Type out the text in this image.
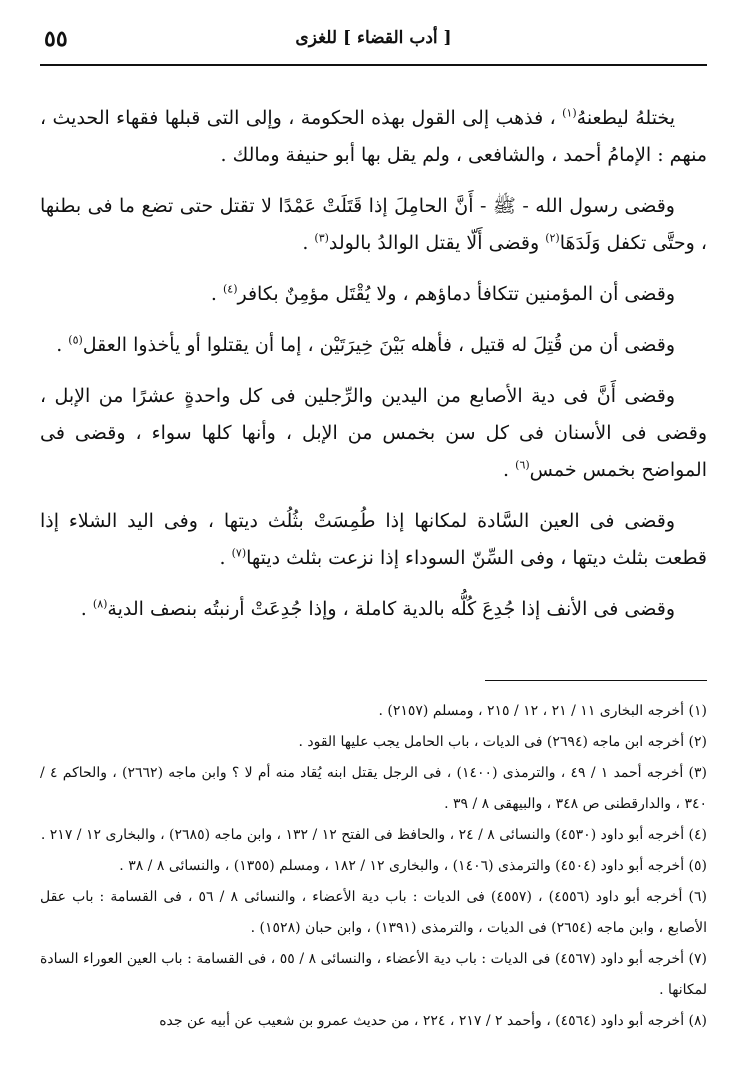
[ أدب القضاء ] للغزى
٥٥

يختلهُ ليطعنهُ$^{(١)}$ ، فذهب إلى القول بهذه الحكومة ، وإلى التى قبلها فقهاء الحديث ، منهم : الإمامُ أحمد ، والشافعى ، ولم يقل بها أبو حنيفة ومالك .

وقضى رسول الله - ﷺ - أَنَّ الحامِلَ إذا قَتَلَتْ عَمْدًا لا تقتل حتى تضع ما فى بطنها ، وحتَّى تكفل وَلَدَهَا$^{(٢)}$ وقضى أَلّا يقتل الوالدُ بالولد$^{(٣)}$ .

وقضى أن المؤمنين تتكافأ دماؤهم ، ولا يُقْتَل مؤمِنٌ بكافر$^{(٤)}$ .

وقضى أن من قُتِلَ له قتيل ، فأهله بَيْنَ خِيرَتَيْن ، إما أن يقتلوا أو يأخذوا العقل$^{(٥)}$ .

وقضى أَنَّ فى دية الأصابع من اليدين والرِّجلين فى كل واحدةٍ عشرًا من الإبل ، وقضى فى الأسنان فى كل سن بخمس من الإبل ، وأنها كلها سواء ، وقضى فى المواضح بخمس خمس$^{(٦)}$ .

وقضى فى العين السَّادة لمكانها إذا طُمِسَتْ بثُلُث ديتها ، وفى اليد الشلاء إذا قطعت بثلث ديتها ، وفى السِّنّ السوداء إذا نزعت بثلث ديتها$^{(٧)}$ .

وقضى فى الأنف إذا جُدِعَ كُلُّه بالدية كاملة ، وإذا جُدِعَتْ أرنبتُه بنصف الدية$^{(٨)}$ .

(١) أخرجه البخارى ١١ / ٢١ ، ١٢ / ٢١٥ ، ومسلم (٢١٥٧) .

(٢) أخرجه ابن ماجه (٢٦٩٤) فى الديات ، باب الحامل يجب عليها القود .

(٣) أخرجه أحمد ١ / ٤٩ ، والترمذى (١٤٠٠) ، فى الرجل يقتل ابنه يُقاد منه أم لا ؟ وابن ماجه (٢٦٦٢) ، والحاكم ٤ / ٣٤٠ ، والدارقطنى ص ٣٤٨ ، والبيهقى ٨ / ٣٩ .

(٤) أخرجه أبو داود (٤٥٣٠) والنسائى ٨ / ٢٤ ، والحافظ فى الفتح ١٢ / ١٣٢ ، وابن ماجه (٢٦٨٥) ، والبخارى ١٢ / ٢١٧ .

(٥) أخرجه أبو داود (٤٥٠٤) والترمذى (١٤٠٦) ، والبخارى ١٢ / ١٨٢ ، ومسلم (١٣٥٥) ، والنسائى ٨ / ٣٨ .

(٦) أخرجه أبو داود (٤٥٥٦) ، (٤٥٥٧) فى الديات : باب دية الأعضاء ، والنسائى ٨ / ٥٦ ، فى القسامة : باب عقل الأصابع ، وابن ماجه (٢٦٥٤) فى الديات ، والترمذى (١٣٩١) ، وابن حبان (١٥٢٨) .

(٧) أخرجه أبو داود (٤٥٦٧) فى الديات : باب دية الأعضاء ، والنسائى ٨ / ٥٥ ، فى القسامة : باب العين العوراء السادة لمكانها .

(٨) أخرجه أبو داود (٤٥٦٤) ، وأحمد ٢ / ٢١٧ ، ٢٢٤ ، من حديث عمرو بن شعيب عن أبيه عن جده
